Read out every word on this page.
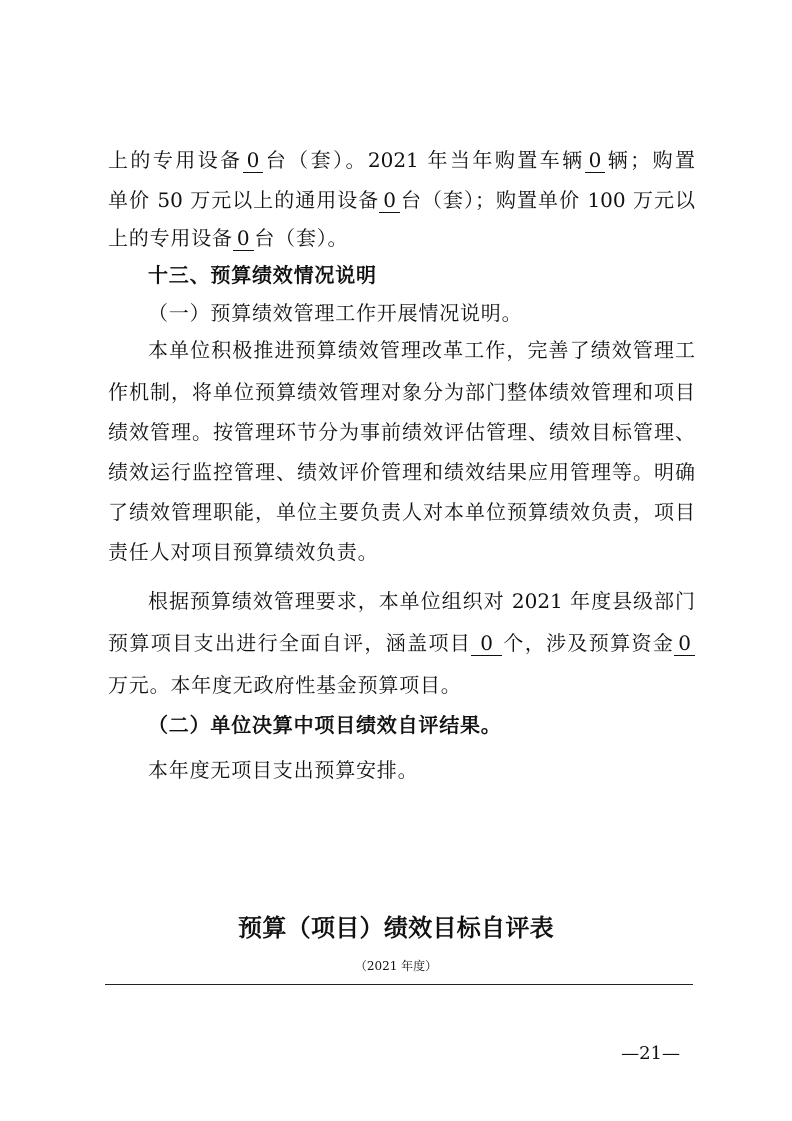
上的专用设备 0 台（套）。2021 年当年购置车辆 0 辆；购置
单价 50 万元以上的通用设备 0 台（套）；购置单价 100 万元以
上的专用设备 0 台（套）。
十三、预算绩效情况说明
（一）预算绩效管理工作开展情况说明。
本单位积极推进预算绩效管理改革工作，完善了绩效管理工
作机制，将单位预算绩效管理对象分为部门整体绩效管理和项目
绩效管理。按管理环节分为事前绩效评估管理、绩效目标管理、
绩效运行监控管理、绩效评价管理和绩效结果应用管理等。明确
了绩效管理职能，单位主要负责人对本单位预算绩效负责，项目
责任人对项目预算绩效负责。
根据预算绩效管理要求，本单位组织对 2021 年度县级部门
预算项目支出进行全面自评，涵盖项目 0 个，涉及预算资金 0
万元。本年度无政府性基金预算项目。
（二）单位决算中项目绩效自评结果。
本年度无项目支出预算安排。
预算（项目）绩效目标自评表
（2021 年度）
—21—
